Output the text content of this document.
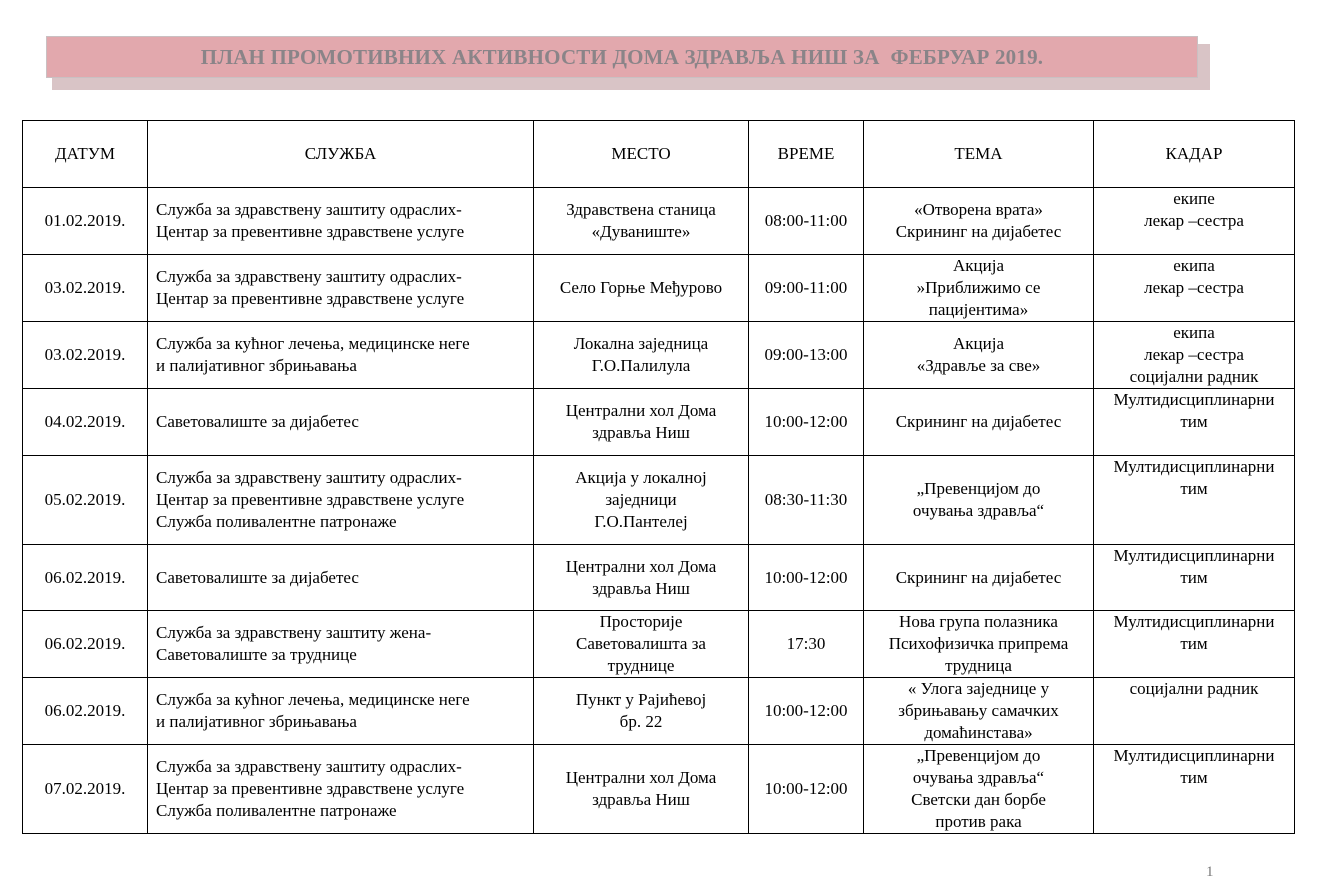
ПЛАН ПРОМОТИВНИХ АКТИВНОСТИ ДОМА ЗДРАВЉА НИШ ЗА  ФЕБРУАР 2019.
ДАТУМ	СЛУЖБА	МЕСТО	ВРЕМЕ	ТЕМА	КАДАР
01.02.2019.	Служба за здравствену заштиту одраслих-
Центар за превентивне здравствене услуге	Здравствена станица
«Дуваниште»	08:00-11:00	«Отворена врата»
Скрининг на дијабетес	екипе
лекар –сестра

03.02.2019.	Служба за здравствену заштиту одраслих-
Центар за превентивне здравствене услуге	Село Горње Међурово	09:00-11:00	Акција
»Приближимо се
пацијентима»	екипа
лекар –сестра

03.02.2019.	Служба за кућног лечења, медицинске неге
и палијативног збрињавања	Локална заједница
Г.О.Палилула	09:00-13:00	Акција
«Здравље за све»	екипа
лекар –сестра
социјални радник

04.02.2019.	Саветовалиште за дијабетес	Централни хол Дома
здравља Ниш	10:00-12:00	Скрининг на дијабетес	Мултидисциплинарни
тим

05.02.2019.	Служба за здравствену заштиту одраслих-
Центар за превентивне здравствене услуге
Служба поливалентне патронаже	Акција у локалној
заједници
Г.О.Пантелеј	08:30-11:30	„Превенцијом до
очувања здравља“	Мултидисциплинарни
тим

06.02.2019.	Саветовалиште за дијабетес	Централни хол Дома
здравља Ниш	10:00-12:00	Скрининг на дијабетес	Мултидисциплинарни
тим

06.02.2019.	Служба за здравствену заштиту жена-
Саветовалиште за труднице	Просторије
Саветовалишта за
труднице	17:30	Нова група полазника
Психофизичка припрема
трудница	Мултидисциплинарни
тим

06.02.2019.	Служба за кућног лечења, медицинске неге
и палијативног збрињавања	Пункт у Рајићевој
бр. 22	10:00-12:00	« Улога заједнице у
збрињавању самачких
домаћинстава»	социјални радник

07.02.2019.	Служба за здравствену заштиту одраслих-
Центар за превентивне здравствене услуге
Служба поливалентне патронаже	Централни хол Дома
здравља Ниш	10:00-12:00	„Превенцијом до
очувања здравља“
Светски дан борбе
против рака	Мултидисциплинарни
тим
1
